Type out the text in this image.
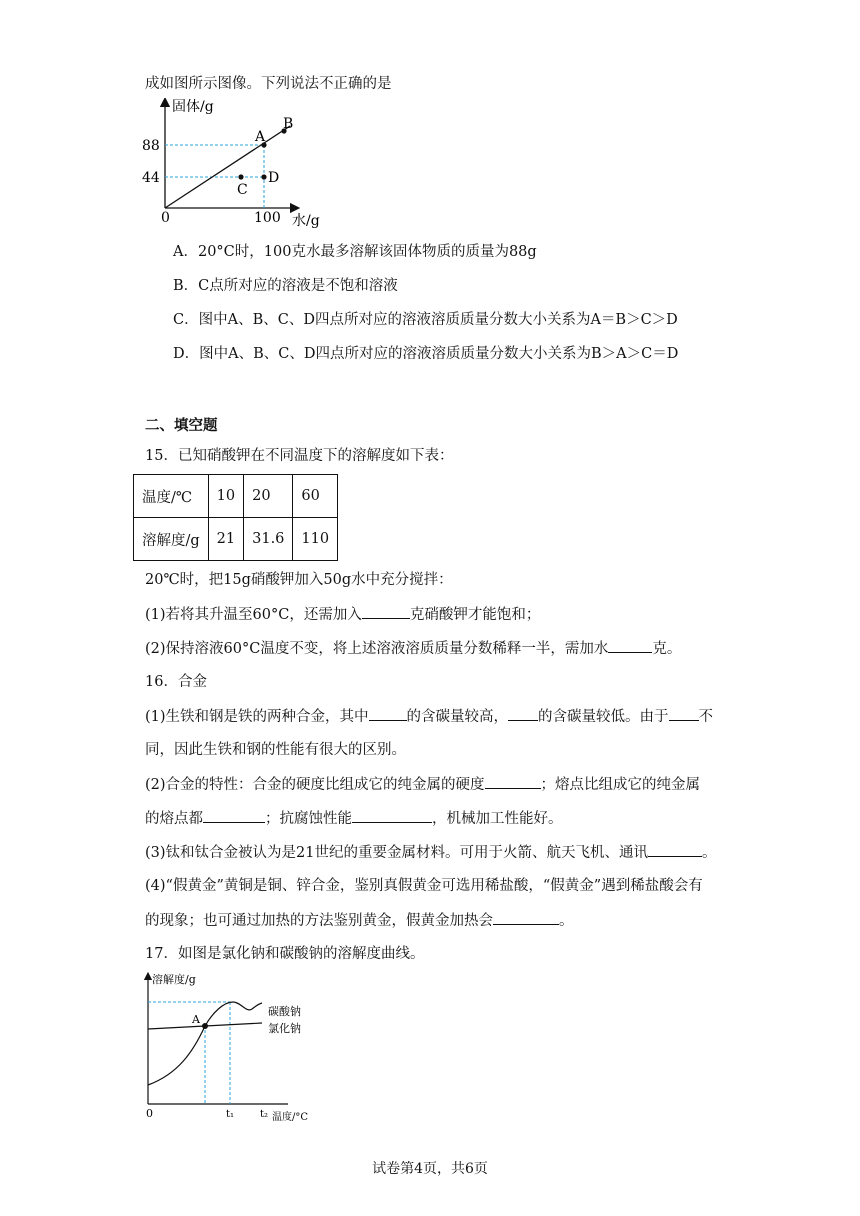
成如图所示图像。下列说法不正确的是
固体/g
水/g
0
88
44
100
A
B
C
D
A．20°C时，100克水最多溶解该固体物质的质量为88g
B．C点所对应的溶液是不饱和溶液
C．图中A、B、C、D四点所对应的溶液溶质质量分数大小关系为A＝B＞C＞D
D．图中A、B、C、D四点所对应的溶液溶质质量分数大小关系为B＞A＞C＝D
二、填空题
15．已知硝酸钾在不同温度下的溶解度如下表：
温度/℃	10	20	60
溶解度/g	21	31.6	110
20℃时，把15g硝酸钾加入50g水中充分搅拌：
(1)若将其升温至60°C，还需加入	克硝酸钾才能饱和；
(2)保持溶液60°C温度不变，将上述溶液溶质质量分数稀释一半，需加水	克。
16．合金
(1)生铁和钢是铁的两种合金，其中	的含碳量较高， 的含碳量较低。由于 不
同，因此生铁和钢的性能有很大的区别。
(2)合金的特性：合金的硬度比组成它的纯金属的硬度	；熔点比组成它的纯金属
的熔点都	；抗腐蚀性能	，机械加工性能好。
(3)钛和钛合金被认为是21世纪的重要金属材料。可用于火箭、航天飞机、通讯	。
(4)“假黄金”黄铜是铜、锌合金，鉴别真假黄金可选用稀盐酸，“假黄金”遇到稀盐酸会有
的现象；也可通过加热的方法鉴别黄金，假黄金加热会	。
17．如图是氯化钠和碳酸钠的溶解度曲线。
溶解度/g
0	t₁	t₂ 温度/°C
A
碳酸钠
氯化钠
试卷第4页，共6页
